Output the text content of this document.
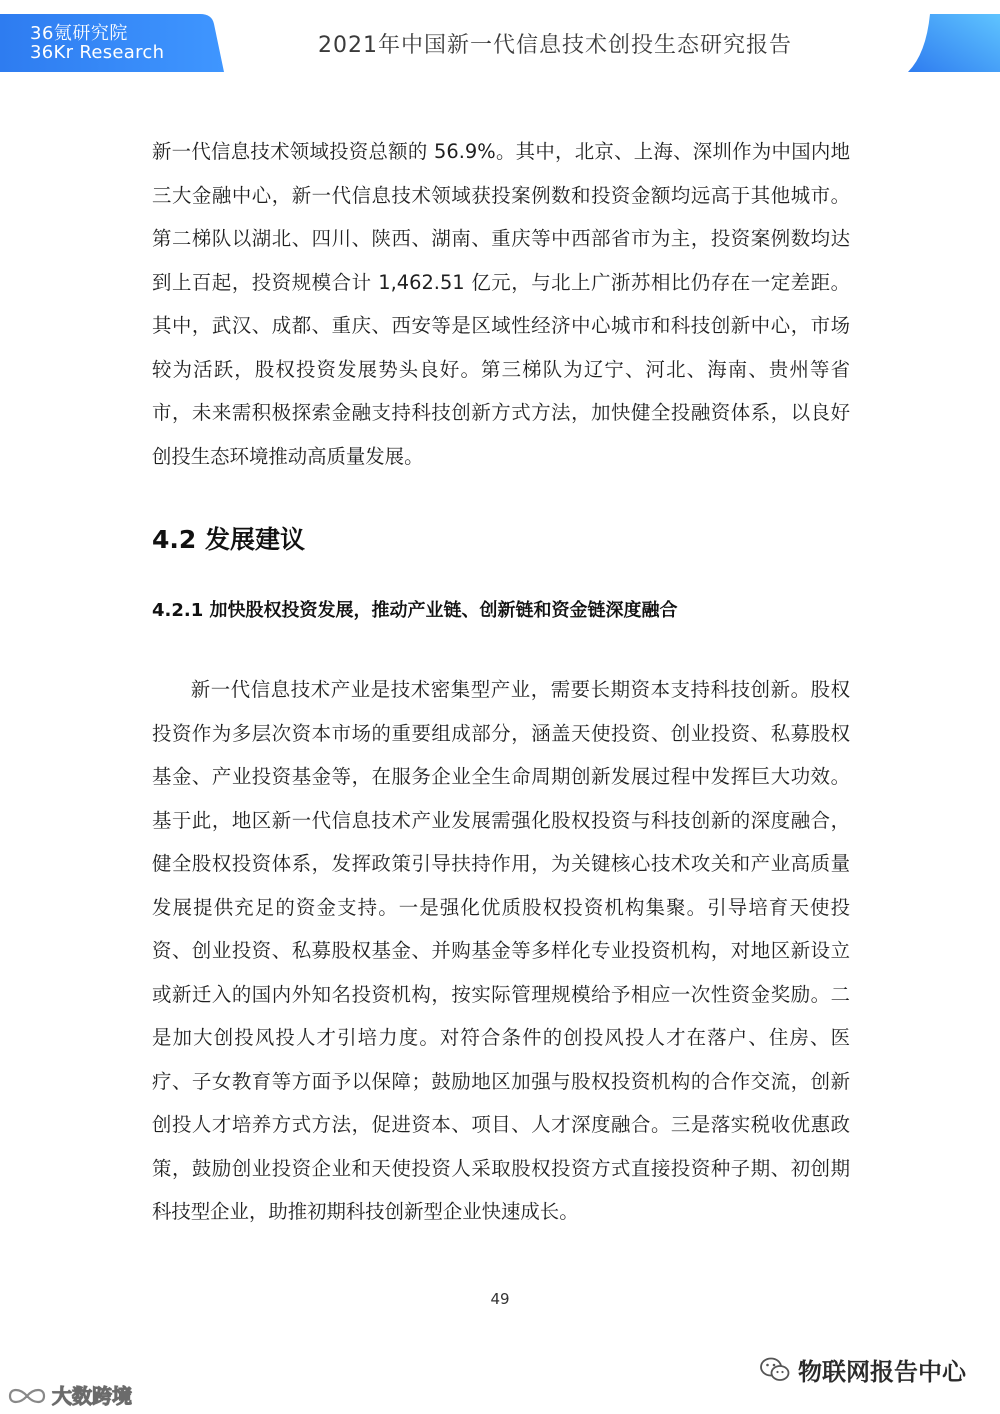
36氪研究院
36Kr Research	2021年中国新一代信息技术创投生态研究报告

新一代信息技术领域投资总额的 56.9%。其中，北京、上海、深圳作为中国内地三大金融中心，新一代信息技术领域获投案例数和投资金额均远高于其他城市。第二梯队以湖北、四川、陕西、湖南、重庆等中西部省市为主，投资案例数均达到上百起，投资规模合计 1,462.51 亿元，与北上广浙苏相比仍存在一定差距。其中，武汉、成都、重庆、西安等是区域性经济中心城市和科技创新中心，市场较为活跃，股权投资发展势头良好。第三梯队为辽宁、河北、海南、贵州等省市，未来需积极探索金融支持科技创新方式方法，加快健全投融资体系，以良好创投生态环境推动高质量发展。

4.2 发展建议
4.2.1 加快股权投资发展，推动产业链、创新链和资金链深度融合

新一代信息技术产业是技术密集型产业，需要长期资本支持科技创新。股权投资作为多层次资本市场的重要组成部分，涵盖天使投资、创业投资、私募股权基金、产业投资基金等，在服务企业全生命周期创新发展过程中发挥巨大功效。基于此，地区新一代信息技术产业发展需强化股权投资与科技创新的深度融合，健全股权投资体系，发挥政策引导扶持作用，为关键核心技术攻关和产业高质量发展提供充足的资金支持。一是强化优质股权投资机构集聚。引导培育天使投资、创业投资、私募股权基金、并购基金等多样化专业投资机构，对地区新设立或新迁入的国内外知名投资机构，按实际管理规模给予相应一次性资金奖励。二是加大创投风投人才引培力度。对符合条件的创投风投人才在落户、住房、医疗、子女教育等方面予以保障；鼓励地区加强与股权投资机构的合作交流，创新创投人才培养方式方法，促进资本、项目、人才深度融合。三是落实税收优惠政策，鼓励创业投资企业和天使投资人采取股权投资方式直接投资种子期、初创期科技型企业，助推初期科技创新型企业快速成长。

49
物联网报告中心
大数跨境
